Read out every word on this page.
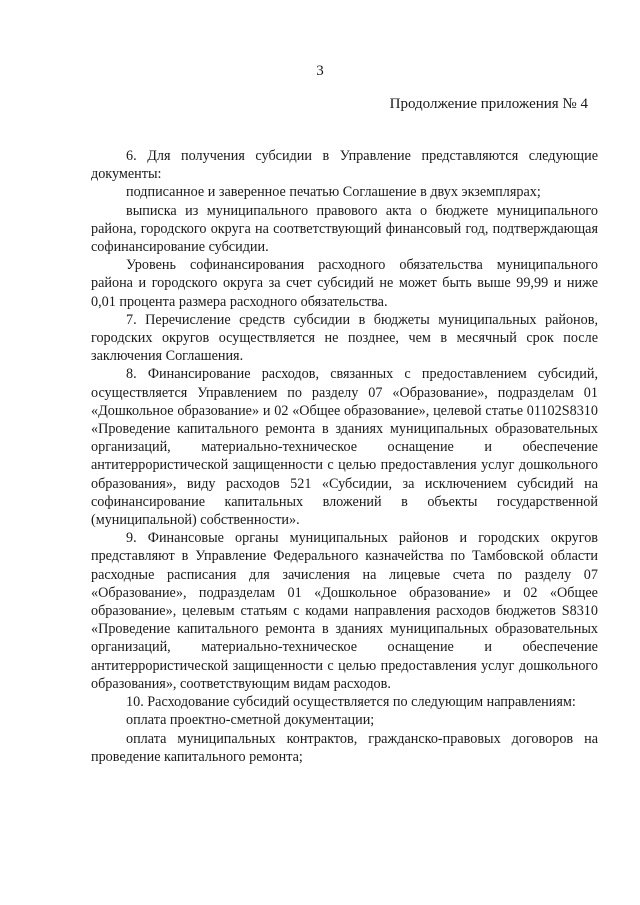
3
Продолжение приложения № 4

6. Для получения субсидии в Управление представляются следующие документы:

подписанное и заверенное печатью Соглашение в двух экземплярах;

выписка из муниципального правового акта о бюджете муниципального района, городского округа на соответствующий финансовый год, подтверждающая софинансирование субсидии.

Уровень софинансирования расходного обязательства муниципального района и городского округа за счет субсидий не может быть выше 99,99 и ниже 0,01 процента размера расходного обязательства.

7. Перечисление средств субсидии в бюджеты муниципальных районов, городских округов осуществляется не позднее, чем в месячный срок после заключения Соглашения.

8. Финансирование расходов, связанных с предоставлением субсидий, осуществляется Управлением по разделу 07 «Образование», подразделам 01 «Дошкольное образование» и 02 «Общее образование», целевой статье 01102S8310 «Проведение капитального ремонта в зданиях муниципальных образовательных организаций, материально-техническое оснащение и обеспечение антитеррористической защищенности с целью предоставления услуг дошкольного образования», виду расходов 521 «Субсидии, за исключением субсидий на софинансирование капитальных вложений в объекты государственной (муниципальной) собственности».

9. Финансовые органы муниципальных районов и городских округов представляют в Управление Федерального казначейства по Тамбовской области расходные расписания для зачисления на лицевые счета по разделу 07 «Образование», подразделам 01 «Дошкольное образование» и 02 «Общее образование», целевым статьям с кодами направления расходов бюджетов S8310 «Проведение капитального ремонта в зданиях муниципальных образовательных организаций, материально-техническое оснащение и обеспечение антитеррористической защищенности с целью предоставления услуг дошкольного образования», соответствующим видам расходов.

10. Расходование субсидий осуществляется по следующим направлениям:

оплата проектно-сметной документации;

оплата муниципальных контрактов, гражданско-правовых договоров на проведение капитального ремонта;
